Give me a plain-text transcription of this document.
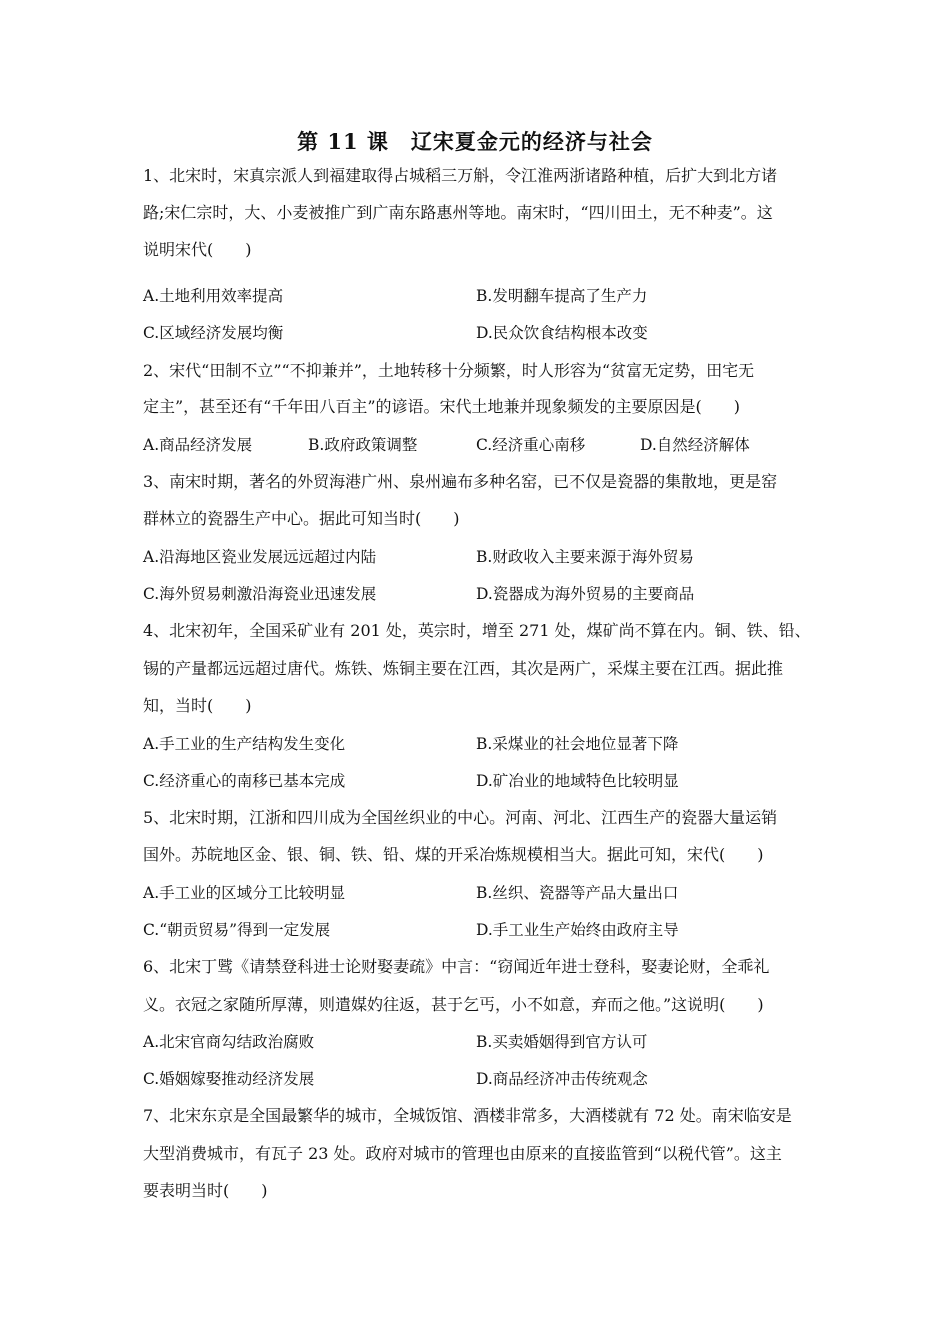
第 11 课　辽宋夏金元的经济与社会
1、北宋时，宋真宗派人到福建取得占城稻三万斛，令江淮两浙诸路种植，后扩大到北方诸
路;宋仁宗时，大、小麦被推广到广南东路惠州等地。南宋时，“四川田土，无不种麦”。这
说明宋代(　　)
A.土地利用效率提高	B.发明翻车提高了生产力
C.区域经济发展均衡	D.民众饮食结构根本改变
2、宋代“田制不立”“不抑兼并”，土地转移十分频繁，时人形容为“贫富无定势，田宅无
定主”，甚至还有“千年田八百主”的谚语。宋代土地兼并现象频发的主要原因是(　　)
A.商品经济发展	B.政府政策调整	C.经济重心南移	D.自然经济解体
3、南宋时期，著名的外贸海港广州、泉州遍布多种名窑，已不仅是瓷器的集散地，更是窑
群林立的瓷器生产中心。据此可知当时(　　)
A.沿海地区瓷业发展远远超过内陆	B.财政收入主要来源于海外贸易
C.海外贸易刺激沿海瓷业迅速发展	D.瓷器成为海外贸易的主要商品
4、北宋初年，全国采矿业有 201 处，英宗时，增至 271 处，煤矿尚不算在内。铜、铁、铅、
锡的产量都远远超过唐代。炼铁、炼铜主要在江西，其次是两广，采煤主要在江西。据此推
知，当时(　　)
A.手工业的生产结构发生变化	B.采煤业的社会地位显著下降
C.经济重心的南移已基本完成	D.矿冶业的地域特色比较明显
5、北宋时期，江浙和四川成为全国丝织业的中心。河南、河北、江西生产的瓷器大量运销
国外。苏皖地区金、银、铜、铁、铅、煤的开采冶炼规模相当大。据此可知，宋代(　　)
A.手工业的区域分工比较明显	B.丝织、瓷器等产品大量出口
C.“朝贡贸易”得到一定发展	D.手工业生产始终由政府主导
6、北宋丁骘《请禁登科进士论财娶妻疏》中言：“窃闻近年进士登科，娶妻论财，全乖礼
义。衣冠之家随所厚薄，则遣媒妁往返，甚于乞丐，小不如意，弃而之他。”这说明(　　)
A.北宋官商勾结政治腐败	B.买卖婚姻得到官方认可
C.婚姻嫁娶推动经济发展	D.商品经济冲击传统观念
7、北宋东京是全国最繁华的城市，全城饭馆、酒楼非常多，大酒楼就有 72 处。南宋临安是
大型消费城市，有瓦子 23 处。政府对城市的管理也由原来的直接监管到“以税代管”。这主
要表明当时(　　)
